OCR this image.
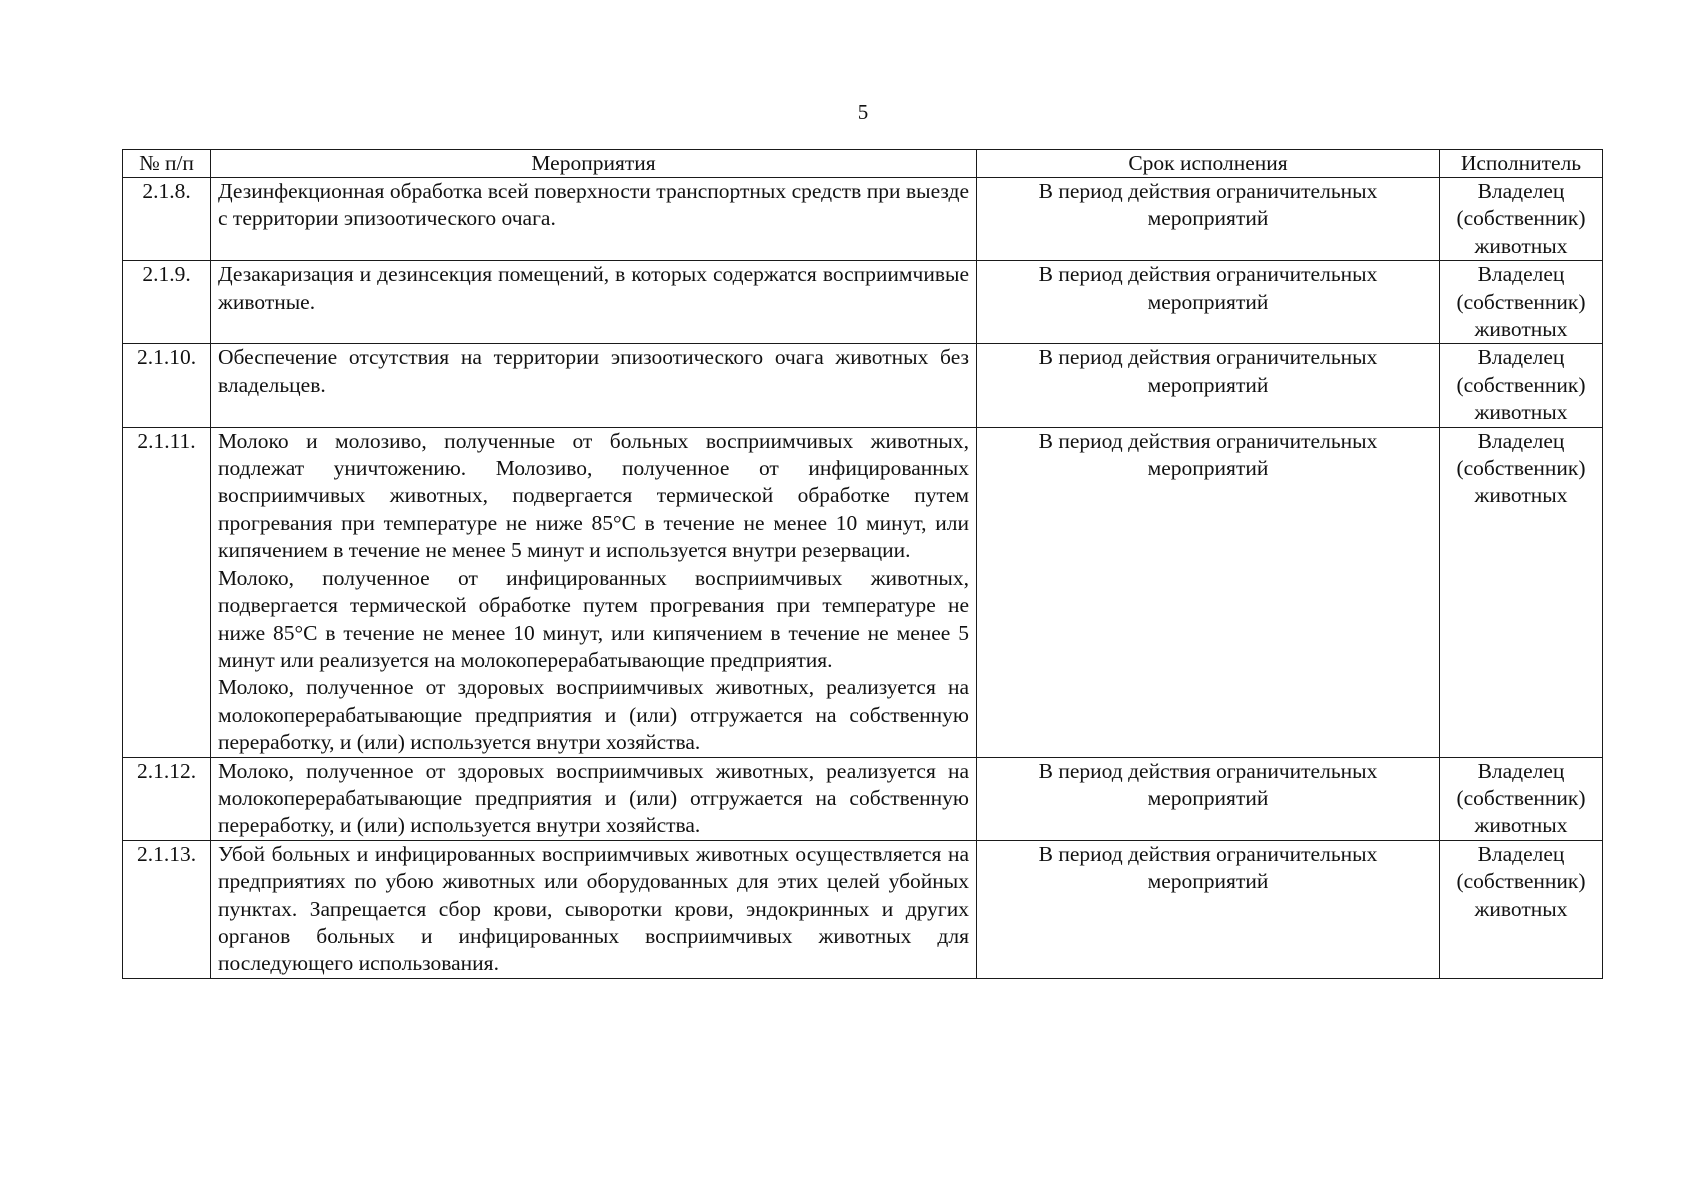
5
№ п/п	Мероприятия	Срок исполнения	Исполнитель
2.1.8.	Дезинфекционная обработка всей поверхности транспортных средств при выезде с территории эпизоотического очага.	В период действия ограничительных мероприятий	Владелец (собственник) животных
2.1.9.	Дезакаризация и дезинсекция помещений, в которых содержатся восприимчивые животные.	В период действия ограничительных мероприятий	Владелец (собственник) животных
2.1.10.	Обеспечение отсутствия на территории эпизоотического очага животных без владельцев.	В период действия ограничительных мероприятий	Владелец (собственник) животных
2.1.11.	Молоко и молозиво, полученные от больных восприимчивых животных, подлежат уничтожению. Молозиво, полученное от инфицированных восприимчивых животных, подвергается термической обработке путем прогревания при температуре не ниже 85°С в течение не менее 10 минут, или кипячением в течение не менее 5 минут и используется внутри резервации.
Молоко, полученное от инфицированных восприимчивых животных, подвергается термической обработке путем прогревания при температуре не ниже 85°С в течение не менее 10 минут, или кипячением в течение не менее 5 минут или реализуется на молокоперерабатывающие предприятия.
Молоко, полученное от здоровых восприимчивых животных, реализуется на молокоперерабатывающие предприятия и (или) отгружается на собственную переработку, и (или) используется внутри хозяйства.	В период действия ограничительных мероприятий	Владелец (собственник) животных
2.1.12.	Молоко, полученное от здоровых восприимчивых животных, реализуется на молокоперерабатывающие предприятия и (или) отгружается на собственную переработку, и (или) используется внутри хозяйства.	В период действия ограничительных мероприятий	Владелец (собственник) животных
2.1.13.	Убой больных и инфицированных восприимчивых животных осуществляется на предприятиях по убою животных или оборудованных для этих целей убойных пунктах. Запрещается сбор крови, сыворотки крови, эндокринных и других органов больных и инфицированных восприимчивых животных для последующего использования.	В период действия ограничительных мероприятий	Владелец (собственник) животных
